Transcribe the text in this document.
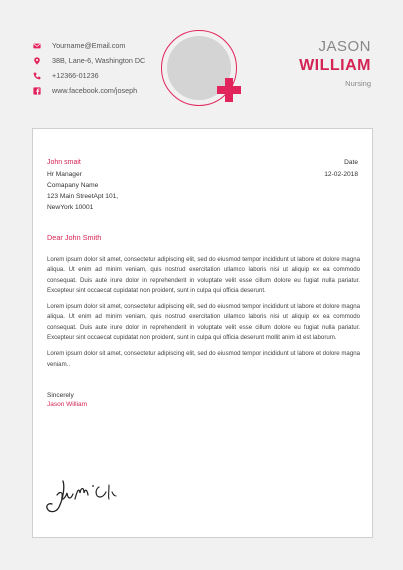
Yourname@Email.com
38B, Lane-6, Washington DC
+12366-01236
www.facebook.com/joseph
JASON
WILLIAM
Nursing
John smait
Hr Manager
Comapany Name
123 Main StreetApt 101,
NewYork 10001
Date
12-02-2018
Dear John Smith

Lorem ipsum dolor sit amet, consectetur adipiscing elit, sed do eiusmod tempor incididunt ut labore et dolore magna aliqua. Ut enim ad minim veniam, quis nostrud exercitation ullamco laboris nisi ut aliquip ex ea commodo consequat. Duis aute irure dolor in reprehenderit in voluptate velit esse cillum dolore eu fugiat nulla pariatur. Excepteur sint occaecat cupidatat non proident, sunt in culpa qui officia deserunt.

Lorem ipsum dolor sit amet, consectetur adipiscing elit, sed do eiusmod tempor incididunt ut labore et dolore magna aliqua. Ut enim ad minim veniam, quis nostrud exercitation ullamco laboris nisi ut aliquip ex ea commodo consequat. Duis aute irure dolor in reprehenderit in voluptate velit esse cillum dolore eu fugiat nulla pariatur. Excepteur sint occaecat cupidatat non proident, sunt in culpa qui officia deserunt mollit anim id est laborum.

Lorem ipsum dolor sit amet, consectetur adipiscing elit, sed do eiusmod tempor incididunt ut labore et dolore magna veniam..

Sincerely
Jason William
